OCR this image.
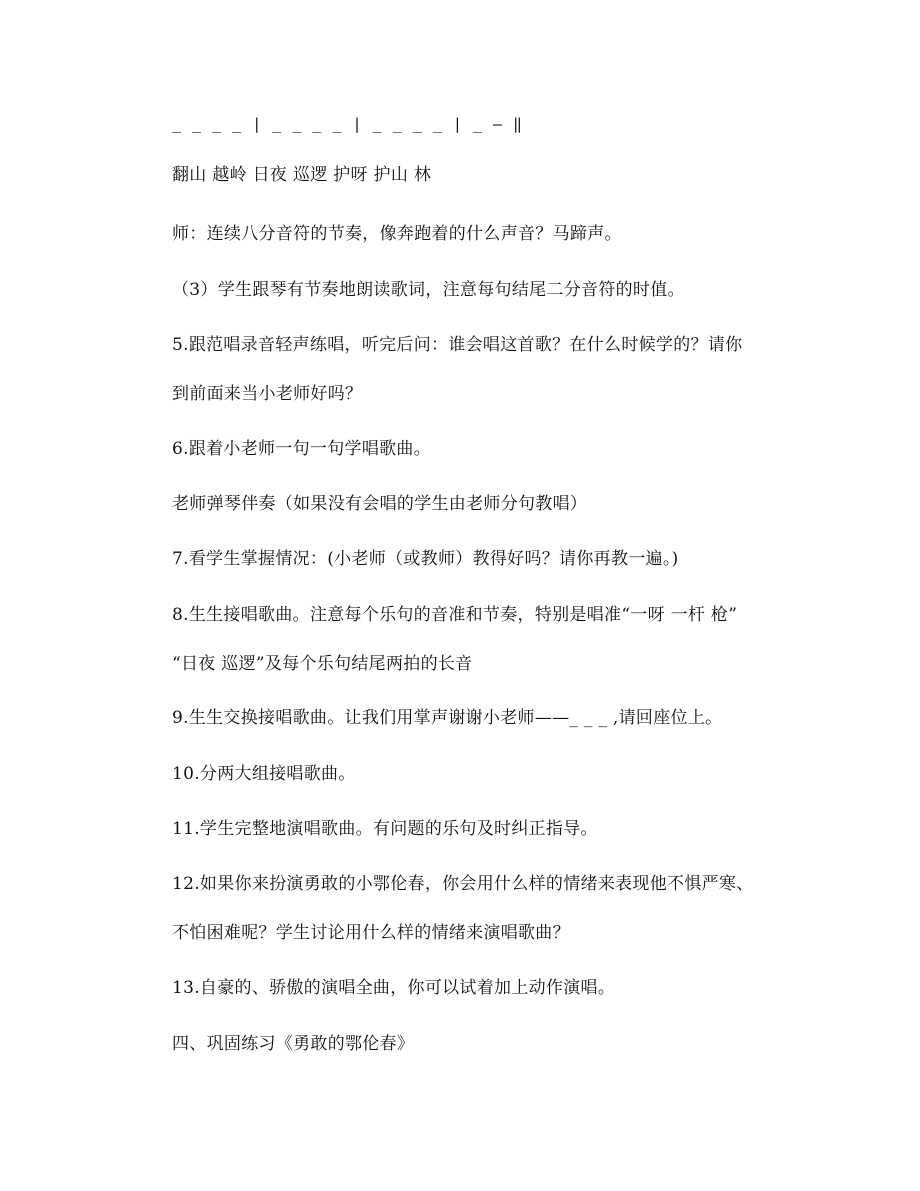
_ _ _ _ | _ _ _ _ | _ _ _ _ | _ — ‖
翻山 越岭 日夜 巡逻 护呀 护山 林
师：连续八分音符的节奏，像奔跑着的什么声音？马蹄声。
（3）学生跟琴有节奏地朗读歌词，注意每句结尾二分音符的时值。
5.跟范唱录音轻声练唱，听完后问：谁会唱这首歌？在什么时候学的？请你
到前面来当小老师好吗？
6.跟着小老师一句一句学唱歌曲。
老师弹琴伴奏（如果没有会唱的学生由老师分句教唱）
7.看学生掌握情况：(小老师（或教师）教得好吗？请你再教一遍。)
8.生生接唱歌曲。注意每个乐句的音准和节奏，特别是唱准“一呀 一杆 枪”
“日夜 巡逻”及每个乐句结尾两拍的长音
9.生生交换接唱歌曲。让我们用掌声谢谢小老师——_ _ _ ,请回座位上。
10.分两大组接唱歌曲。
11.学生完整地演唱歌曲。有问题的乐句及时纠正指导。
12.如果你来扮演勇敢的小鄂伦春，你会用什么样的情绪来表现他不惧严寒、
不怕困难呢？学生讨论用什么样的情绪来演唱歌曲？
13.自豪的、骄傲的演唱全曲，你可以试着加上动作演唱。
四、巩固练习《勇敢的鄂伦春》
